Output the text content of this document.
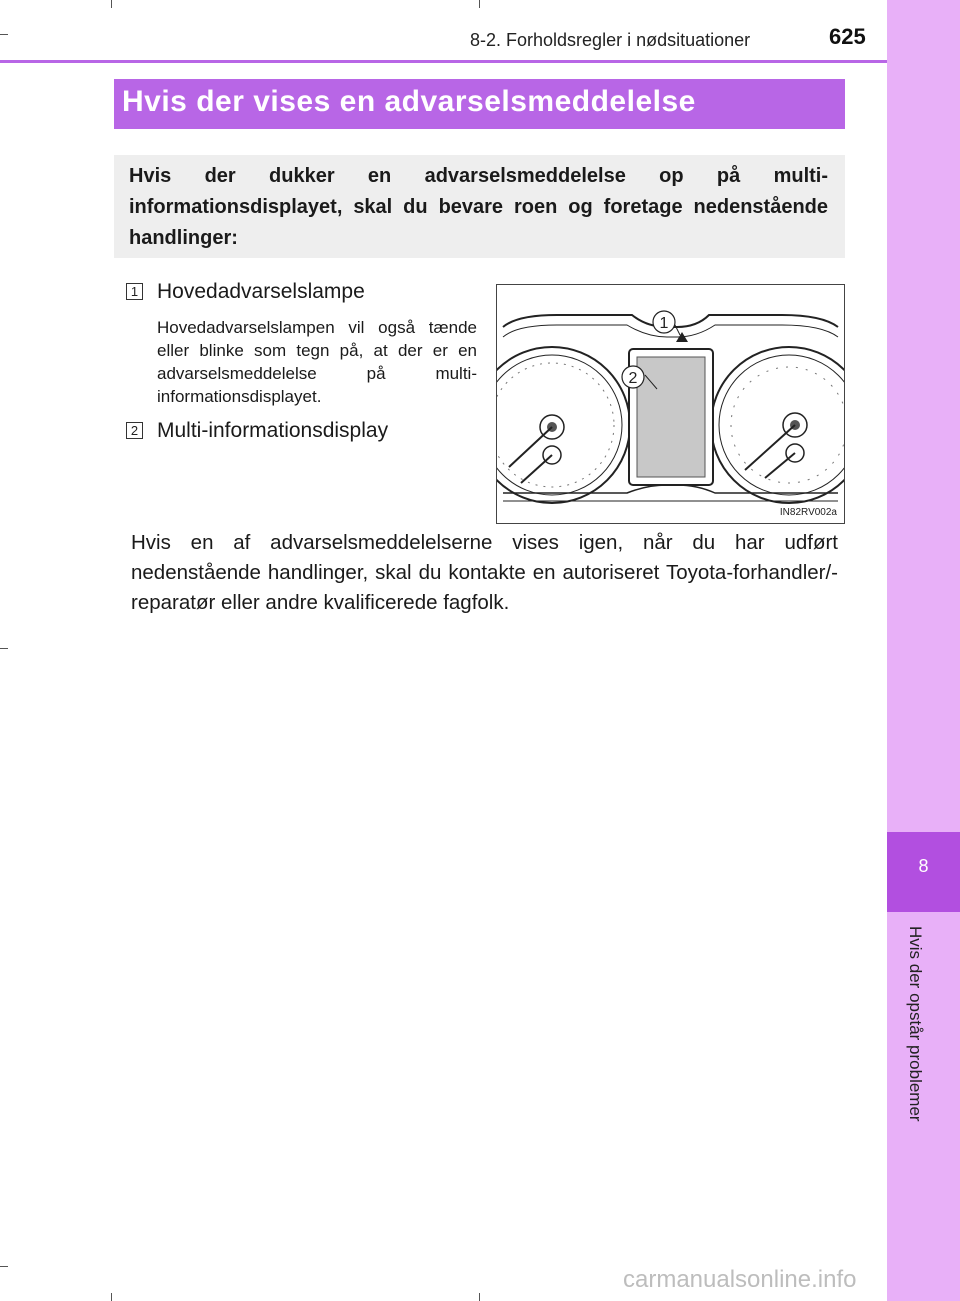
8
Hvis der opstår problemer
8-2. Forholdsregler i nødsituationer	625
Hvis der vises en advarselsmeddelelse

Hvis der dukker en advarselsmeddelelse op på multi-informationsdisplayet, skal du bevare roen og foretage nedenstående handlinger:

1 Hovedadvarselslampe

Hovedadvarselslampen vil også tænde eller blinke som tegn på, at der er en advarselsmeddelelse på multi-informationsdisplayet.

2 Multi-informationsdisplay
1
2
IN82RV002a

Hvis en af advarselsmeddelelserne vises igen, når du har udført nedenstående handlinger, skal du kontakte en autoriseret Toyota-forhandler/-reparatør eller andre kvalificerede fagfolk.

carmanualsonline.info
